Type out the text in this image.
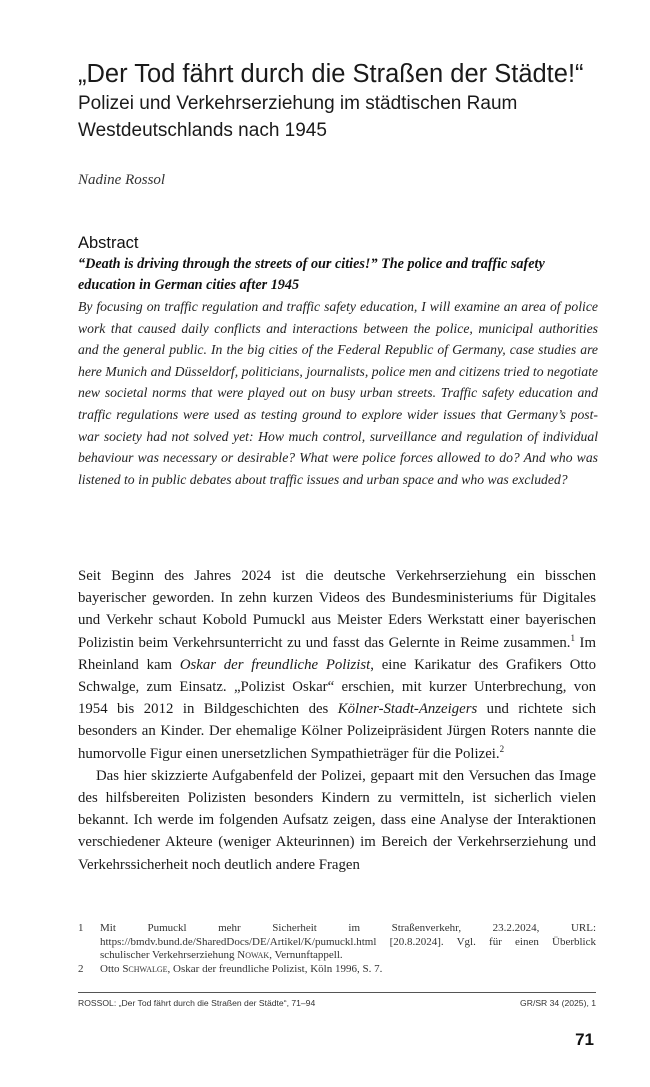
„Der Tod fährt durch die Straßen der Städte!“
Polizei und Verkehrserziehung im städtischen Raum
Westdeutschlands nach 1945
Nadine Rossol
Abstract

“Death is driving through the streets of our cities!” The police and traffic safety education in German cities after 1945

By focusing on traffic regulation and traffic safety education, I will examine an area of police work that caused daily conflicts and interactions between the police, municipal authorities and the general public. In the big cities of the Federal Republic of Germany, case studies are here Munich and Düsseldorf, politicians, journalists, police men and citizens tried to negotiate new societal norms that were played out on busy urban streets. Traffic safety education and traffic regulations were used as testing ground to explore wider issues that Germany’s post-war society had not solved yet: How much control, surveillance and regulation of individual behaviour was necessary or desirable? What were police forces allowed to do? And who was listened to in public debates about traffic issues and urban space and who was excluded?

Seit Beginn des Jahres 2024 ist die deutsche Verkehrserziehung ein bisschen bayerischer geworden. In zehn kurzen Videos des Bundesministeriums für Digitales und Verkehr schaut Kobold Pumuckl aus Meister Eders Werkstatt einer bayerischen Polizistin beim Verkehrsunterricht zu und fasst das Gelernte in Reime zusammen.$^1$ Im Rheinland kam Oskar der freundliche Polizist, eine Karikatur des Grafikers Otto Schwalge, zum Einsatz. „Polizist Oskar“ erschien, mit kurzer Unterbrechung, von 1954 bis 2012 in Bildgeschichten des Kölner-Stadt-Anzeigers und richtete sich besonders an Kinder. Der ehemalige Kölner Polizeipräsident Jürgen Roters nannte die humorvolle Figur einen unersetzlichen Sympathieträger für die Polizei.$^2$

Das hier skizzierte Aufgabenfeld der Polizei, gepaart mit den Versuchen das Image des hilfsbereiten Polizisten besonders Kindern zu vermitteln, ist sicherlich vielen bekannt. Ich werde im folgenden Aufsatz zeigen, dass eine Analyse der Interaktionen verschiedener Akteure (weniger Akteurinnen) im Bereich der Verkehrserziehung und Verkehrssicherheit noch deutlich andere Fragen

1	Mit Pumuckl mehr Sicherheit im Straßenverkehr, 23.2.2024, URL: https://bmdv.bund.de/SharedDocs/DE/Artikel/K/pumuckl.html [20.8.2024]. Vgl. für einen Überblick schulischer Verkehrserziehung Nowak, Vernunftappell.
2	Otto Schwalge, Oskar der freundliche Polizist, Köln 1996, S. 7.
ROSSOL: „Der Tod fährt durch die Straßen der Städte“, 71–94	GR/SR 34 (2025), 1
71
